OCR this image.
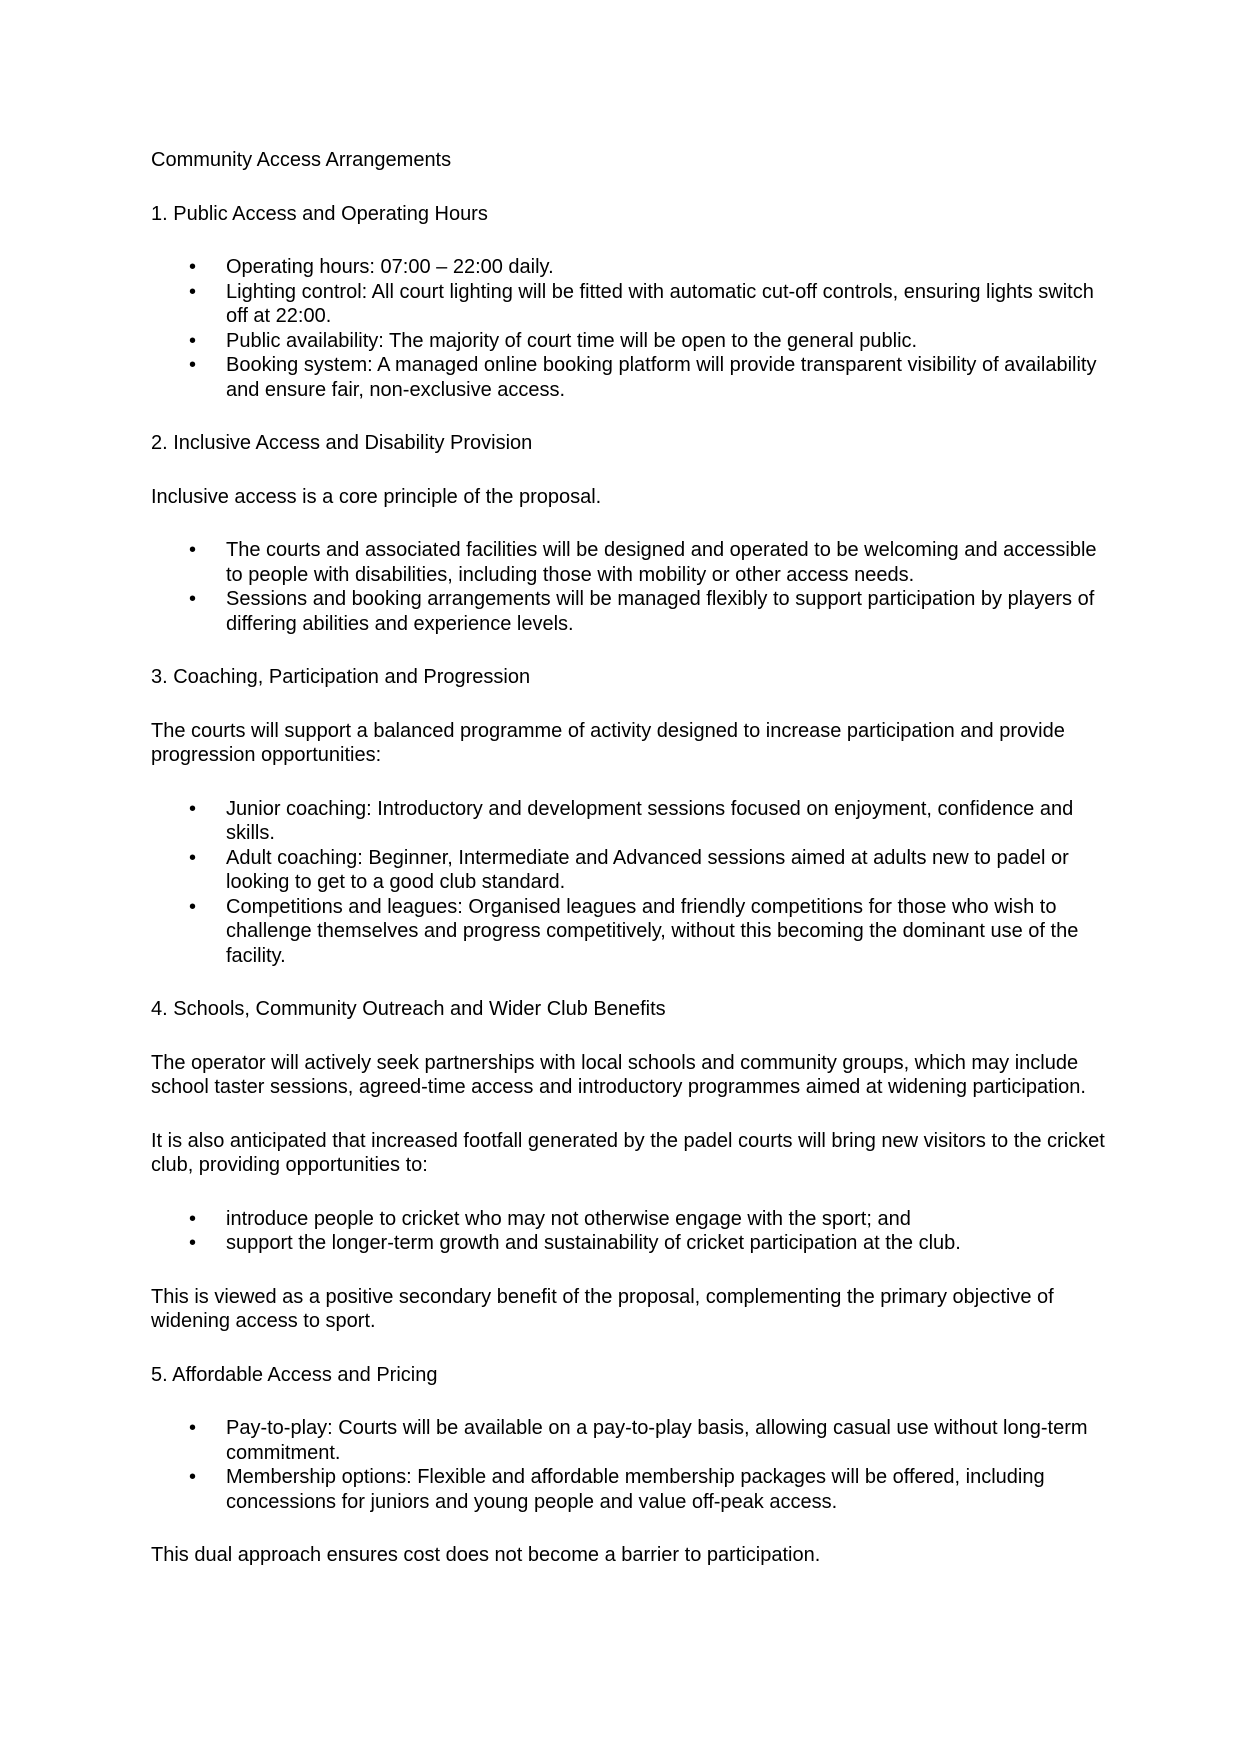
Community Access Arrangements

1. Public Access and Operating Hours

• Operating hours: 07:00 – 22:00 daily.
• Lighting control: All court lighting will be fitted with automatic cut-off controls, ensuring lights switch off at 22:00.
• Public availability: The majority of court time will be open to the general public.
• Booking system: A managed online booking platform will provide transparent visibility of availability and ensure fair, non-exclusive access.

2. Inclusive Access and Disability Provision

Inclusive access is a core principle of the proposal.

• The courts and associated facilities will be designed and operated to be welcoming and accessible to people with disabilities, including those with mobility or other access needs.
• Sessions and booking arrangements will be managed flexibly to support participation by players of differing abilities and experience levels.

3. Coaching, Participation and Progression

The courts will support a balanced programme of activity designed to increase participation and provide progression opportunities:

• Junior coaching: Introductory and development sessions focused on enjoyment, confidence and skills.
• Adult coaching: Beginner, Intermediate and Advanced sessions aimed at adults new to padel or looking to get to a good club standard.
• Competitions and leagues: Organised leagues and friendly competitions for those who wish to challenge themselves and progress competitively, without this becoming the dominant use of the facility.

4. Schools, Community Outreach and Wider Club Benefits

The operator will actively seek partnerships with local schools and community groups, which may include school taster sessions, agreed-time access and introductory programmes aimed at widening participation.

It is also anticipated that increased footfall generated by the padel courts will bring new visitors to the cricket club, providing opportunities to:

• introduce people to cricket who may not otherwise engage with the sport; and
• support the longer-term growth and sustainability of cricket participation at the club.

This is viewed as a positive secondary benefit of the proposal, complementing the primary objective of widening access to sport.

5. Affordable Access and Pricing

• Pay-to-play: Courts will be available on a pay-to-play basis, allowing casual use without long-term commitment.
• Membership options: Flexible and affordable membership packages will be offered, including concessions for juniors and young people and value off-peak access.

This dual approach ensures cost does not become a barrier to participation.
